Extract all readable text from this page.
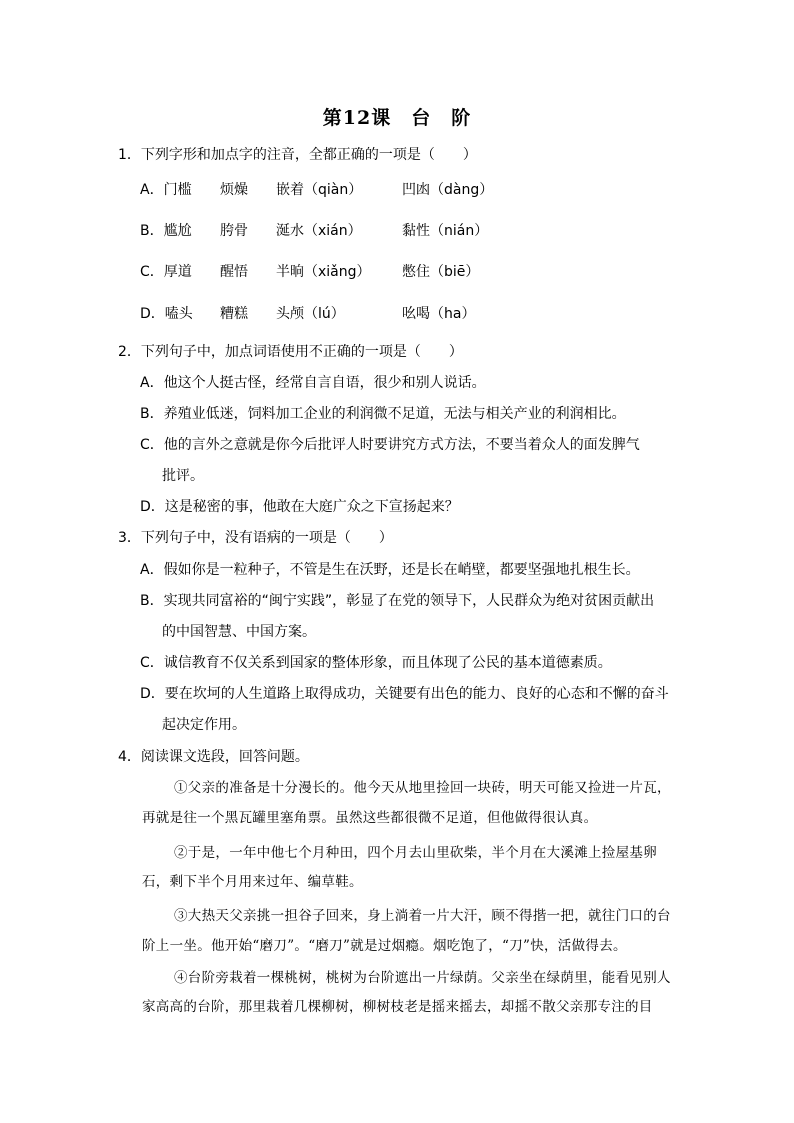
第12课　台　阶
1．下列字形和加点字的注音，全都正确的一项是（　　）
A．门槛 烦燥 嵌着（qiàn）	凹凼（dàng）
B．尴尬 胯骨 涎水（xián）	黏性（nián）
C．厚道 醒悟 半晌（xiǎng） 憋住（biē）
D．嗑头 糟糕 头颅（lú）	吆喝（ha）
2．下列句子中，加点词语使用不正确的一项是（　　）
A．他这个人挺古怪，经常自言自语，很少和别人说话。
B．养殖业低迷，饲料加工企业的利润微不足道，无法与相关产业的利润相比。
C．他的言外之意就是你今后批评人时要讲究方式方法，不要当着众人的面发脾气
批评。
D．这是秘密的事，他敢在大庭广众之下宣扬起来？
3．下列句子中，没有语病的一项是（　　）
A．假如你是一粒种子，不管是生在沃野，还是长在峭壁，都要坚强地扎根生长。
B．实现共同富裕的“闽宁实践”，彰显了在党的领导下，人民群众为绝对贫困贡献出
的中国智慧、中国方案。
C．诚信教育不仅关系到国家的整体形象，而且体现了公民的基本道德素质。
D．要在坎坷的人生道路上取得成功，关键要有出色的能力、良好的心态和不懈的奋斗
起决定作用。
4．阅读课文选段，回答问题。
①父亲的准备是十分漫长的。他今天从地里捡回一块砖，明天可能又捡进一片瓦，
再就是往一个黑瓦罐里塞角票。虽然这些都很微不足道，但他做得很认真。
②于是，一年中他七个月种田，四个月去山里砍柴，半个月在大溪滩上捡屋基卵
石，剩下半个月用来过年、编草鞋。
③大热天父亲挑一担谷子回来，身上淌着一片大汗，顾不得揩一把，就往门口的台
阶上一坐。他开始“磨刀”。“磨刀”就是过烟瘾。烟吃饱了，“刀”快，活做得去。
④台阶旁栽着一棵桃树，桃树为台阶遮出一片绿荫。父亲坐在绿荫里，能看见别人
家高高的台阶，那里栽着几棵柳树，柳树枝老是摇来摇去，却摇不散父亲那专注的目
